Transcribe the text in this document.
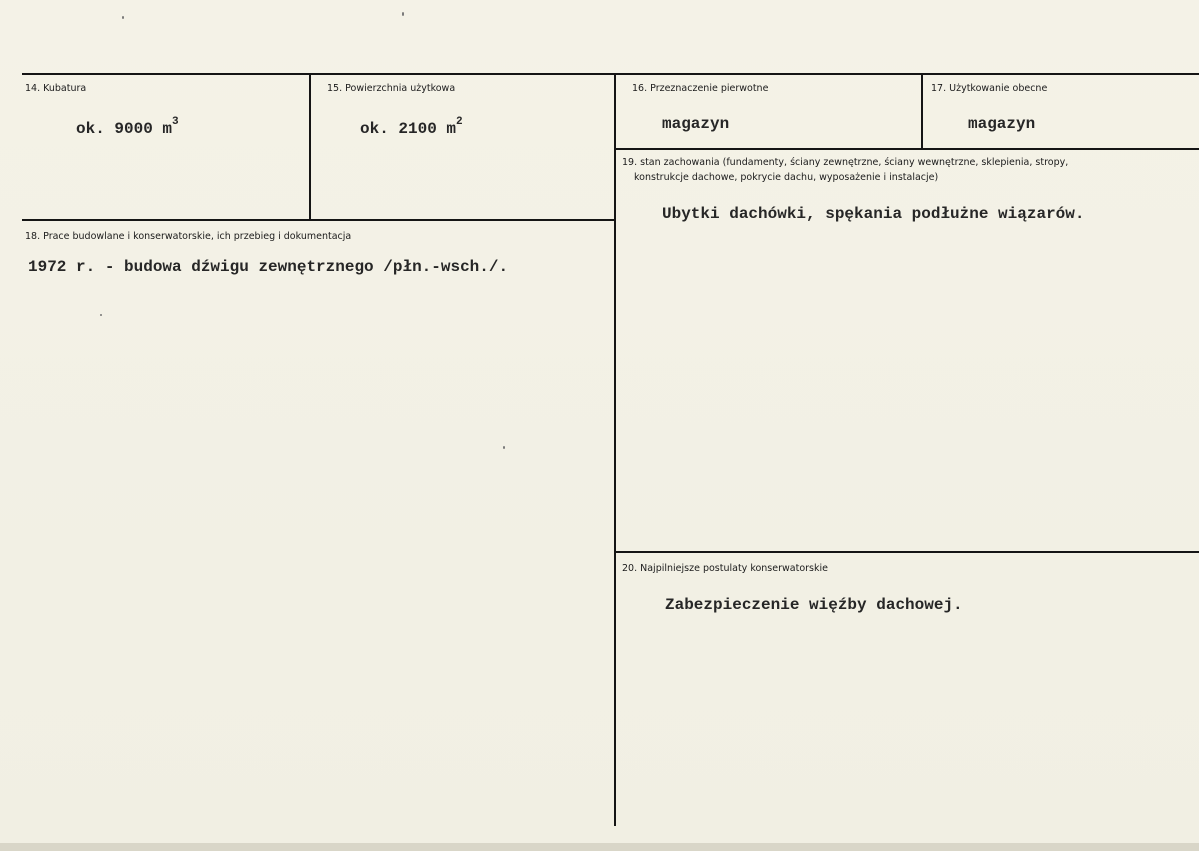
14. Kubatura
ok. 9000 $m^3$
15. Powierzchnia użytkowa
ok. 2100 $m^2$
16. Przeznaczenie pierwotne
magazyn
17. Użytkowanie obecne
magazyn
18. Prace budowlane i konserwatorskie, ich przebieg i dokumentacja
1972 r. - budowa dźwigu zewnętrznego /płn.-wsch./.
19. stan zachowania (fundamenty, ściany zewnętrzne, ściany wewnętrzne, sklepienia, stropy,
konstrukcje dachowe, pokrycie dachu, wyposażenie i instalacje)
Ubytki dachówki, spękania podłużne wiązarów.
20. Najpilniejsze postulaty konserwatorskie
Zabezpieczenie więźby dachowej.
